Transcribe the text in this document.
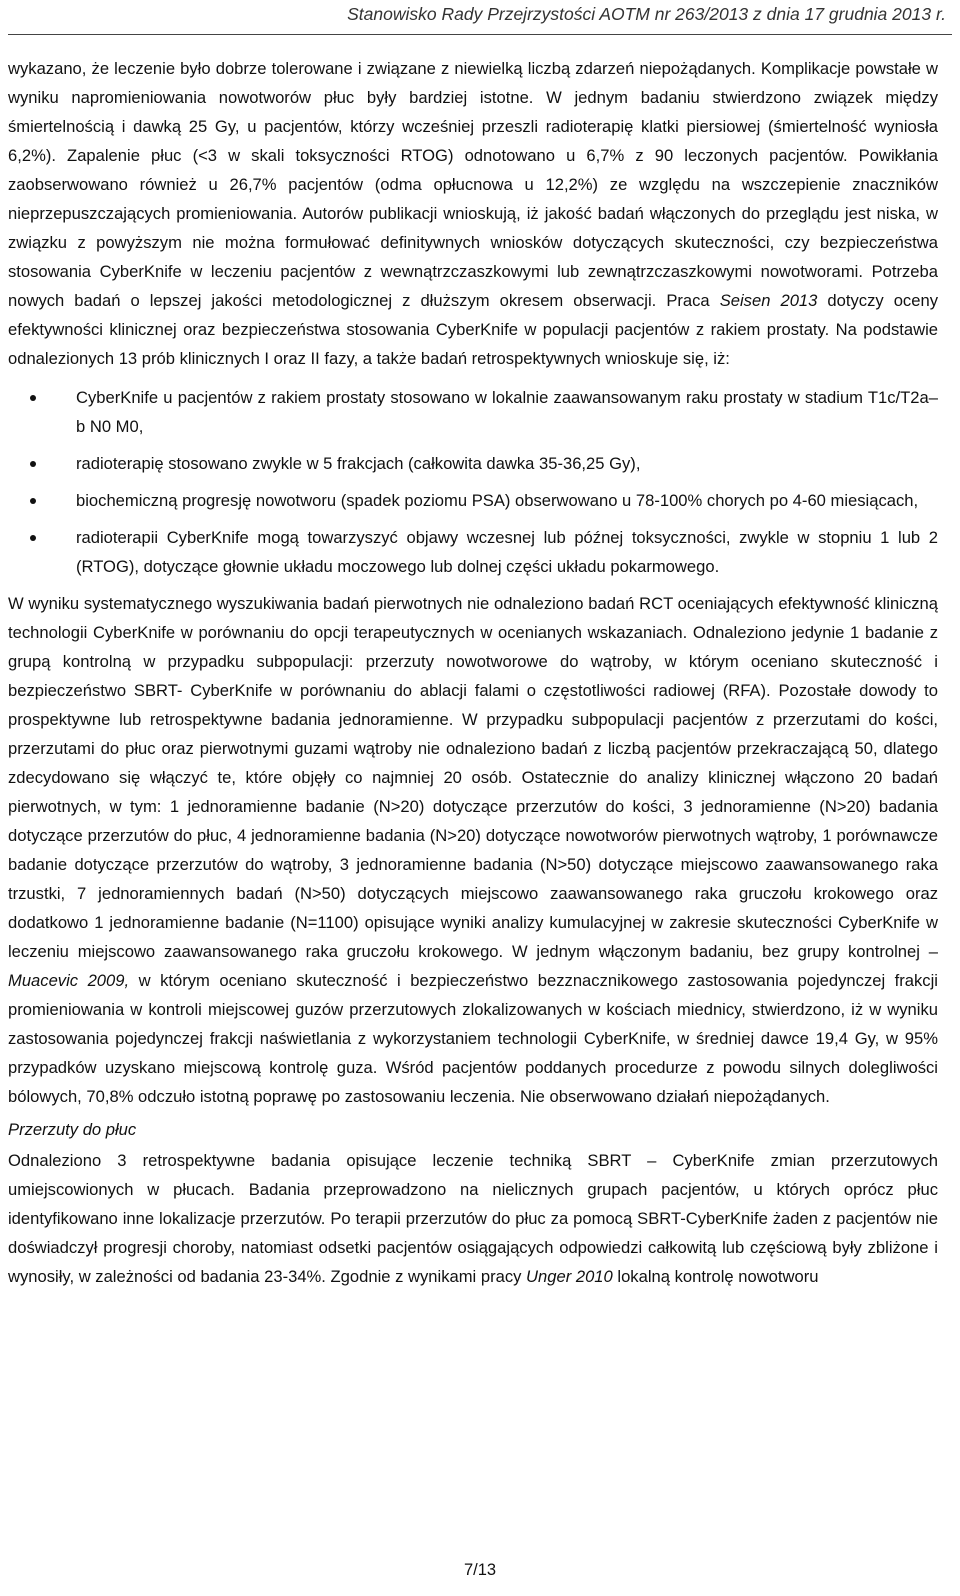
Stanowisko Rady Przejrzystości AOTM nr 263/2013 z dnia 17 grudnia 2013 r.

wykazano, że leczenie było dobrze tolerowane i związane z niewielką liczbą zdarzeń niepożądanych. Komplikacje powstałe w wyniku napromieniowania nowotworów płuc były bardziej istotne. W jednym badaniu stwierdzono związek między śmiertelnością i dawką 25 Gy, u pacjentów, którzy wcześniej przeszli radioterapię klatki piersiowej (śmiertelność wyniosła 6,2%). Zapalenie płuc (<3 w skali toksyczności RTOG) odnotowano u 6,7% z 90 leczonych pacjentów. Powikłania zaobserwowano również u 26,7% pacjentów (odma opłucnowa u 12,2%) ze względu na wszczepienie znaczników nieprzepuszczających promieniowania. Autorów publikacji wnioskują, iż jakość badań włączonych do przeglądu jest niska, w związku z powyższym nie można formułować definitywnych wniosków dotyczących skuteczności, czy bezpieczeństwa stosowania CyberKnife w leczeniu pacjentów z wewnątrzczaszkowymi lub zewnątrzczaszkowymi nowotworami. Potrzeba nowych badań o lepszej jakości metodologicznej z dłuższym okresem obserwacji. Praca Seisen 2013 dotyczy oceny efektywności klinicznej oraz bezpieczeństwa stosowania CyberKnife w populacji pacjentów z rakiem prostaty. Na podstawie odnalezionych 13 prób klinicznych I oraz II fazy, a także badań retrospektywnych wnioskuje się, iż:

CyberKnife u pacjentów z rakiem prostaty stosowano w lokalnie zaawansowanym raku prostaty w stadium T1c/T2a–b N0 M0,
radioterapię stosowano zwykle w 5 frakcjach (całkowita dawka 35-36,25 Gy),
biochemiczną progresję nowotworu (spadek poziomu PSA) obserwowano u 78-100% chorych po 4-60 miesiącach,
radioterapii CyberKnife mogą towarzyszyć objawy wczesnej lub późnej toksyczności, zwykle w stopniu 1 lub 2 (RTOG), dotyczące głownie układu moczowego lub dolnej części układu pokarmowego.

W wyniku systematycznego wyszukiwania badań pierwotnych nie odnaleziono badań RCT oceniających efektywność kliniczną technologii CyberKnife w porównaniu do opcji terapeutycznych w ocenianych wskazaniach. Odnaleziono jedynie 1 badanie z grupą kontrolną w przypadku subpopulacji: przerzuty nowotworowe do wątroby, w którym oceniano skuteczność i bezpieczeństwo SBRT- CyberKnife w porównaniu do ablacji falami o częstotliwości radiowej (RFA). Pozostałe dowody to prospektywne lub retrospektywne badania jednoramienne. W przypadku subpopulacji pacjentów z przerzutami do kości, przerzutami do płuc oraz pierwotnymi guzami wątroby nie odnaleziono badań z liczbą pacjentów przekraczającą 50, dlatego zdecydowano się włączyć te, które objęły co najmniej 20 osób. Ostatecznie do analizy klinicznej włączono 20 badań pierwotnych, w tym: 1 jednoramienne badanie (N>20) dotyczące przerzutów do kości, 3 jednoramienne (N>20) badania dotyczące przerzutów do płuc, 4 jednoramienne badania (N>20) dotyczące nowotworów pierwotnych wątroby, 1 porównawcze badanie dotyczące przerzutów do wątroby, 3 jednoramienne badania (N>50) dotyczące miejscowo zaawansowanego raka trzustki, 7 jednoramiennych badań (N>50) dotyczących miejscowo zaawansowanego raka gruczołu krokowego oraz dodatkowo 1 jednoramienne badanie (N=1100) opisujące wyniki analizy kumulacyjnej w zakresie skuteczności CyberKnife w leczeniu miejscowo zaawansowanego raka gruczołu krokowego. W jednym włączonym badaniu, bez grupy kontrolnej – Muacevic 2009, w którym oceniano skuteczność i bezpieczeństwo bezznacznikowego zastosowania pojedynczej frakcji promieniowania w kontroli miejscowej guzów przerzutowych zlokalizowanych w kościach miednicy, stwierdzono, iż w wyniku zastosowania pojedynczej frakcji naświetlania z wykorzystaniem technologii CyberKnife, w średniej dawce 19,4 Gy, w 95% przypadków uzyskano miejscową kontrolę guza. Wśród pacjentów poddanych procedurze z powodu silnych dolegliwości bólowych, 70,8% odczuło istotną poprawę po zastosowaniu leczenia. Nie obserwowano działań niepożądanych.

Przerzuty do płuc

Odnaleziono 3 retrospektywne badania opisujące leczenie techniką SBRT – CyberKnife zmian przerzutowych umiejscowionych w płucach. Badania przeprowadzono na nielicznych grupach pacjentów, u których oprócz płuc identyfikowano inne lokalizacje przerzutów. Po terapii przerzutów do płuc za pomocą SBRT-CyberKnife żaden z pacjentów nie doświadczył progresji choroby, natomiast odsetki pacjentów osiągających odpowiedzi całkowitą lub częściową były zbliżone i wynosiły, w zależności od badania 23-34%. Zgodnie z wynikami pracy Unger 2010 lokalną kontrolę nowotworu

7/13
